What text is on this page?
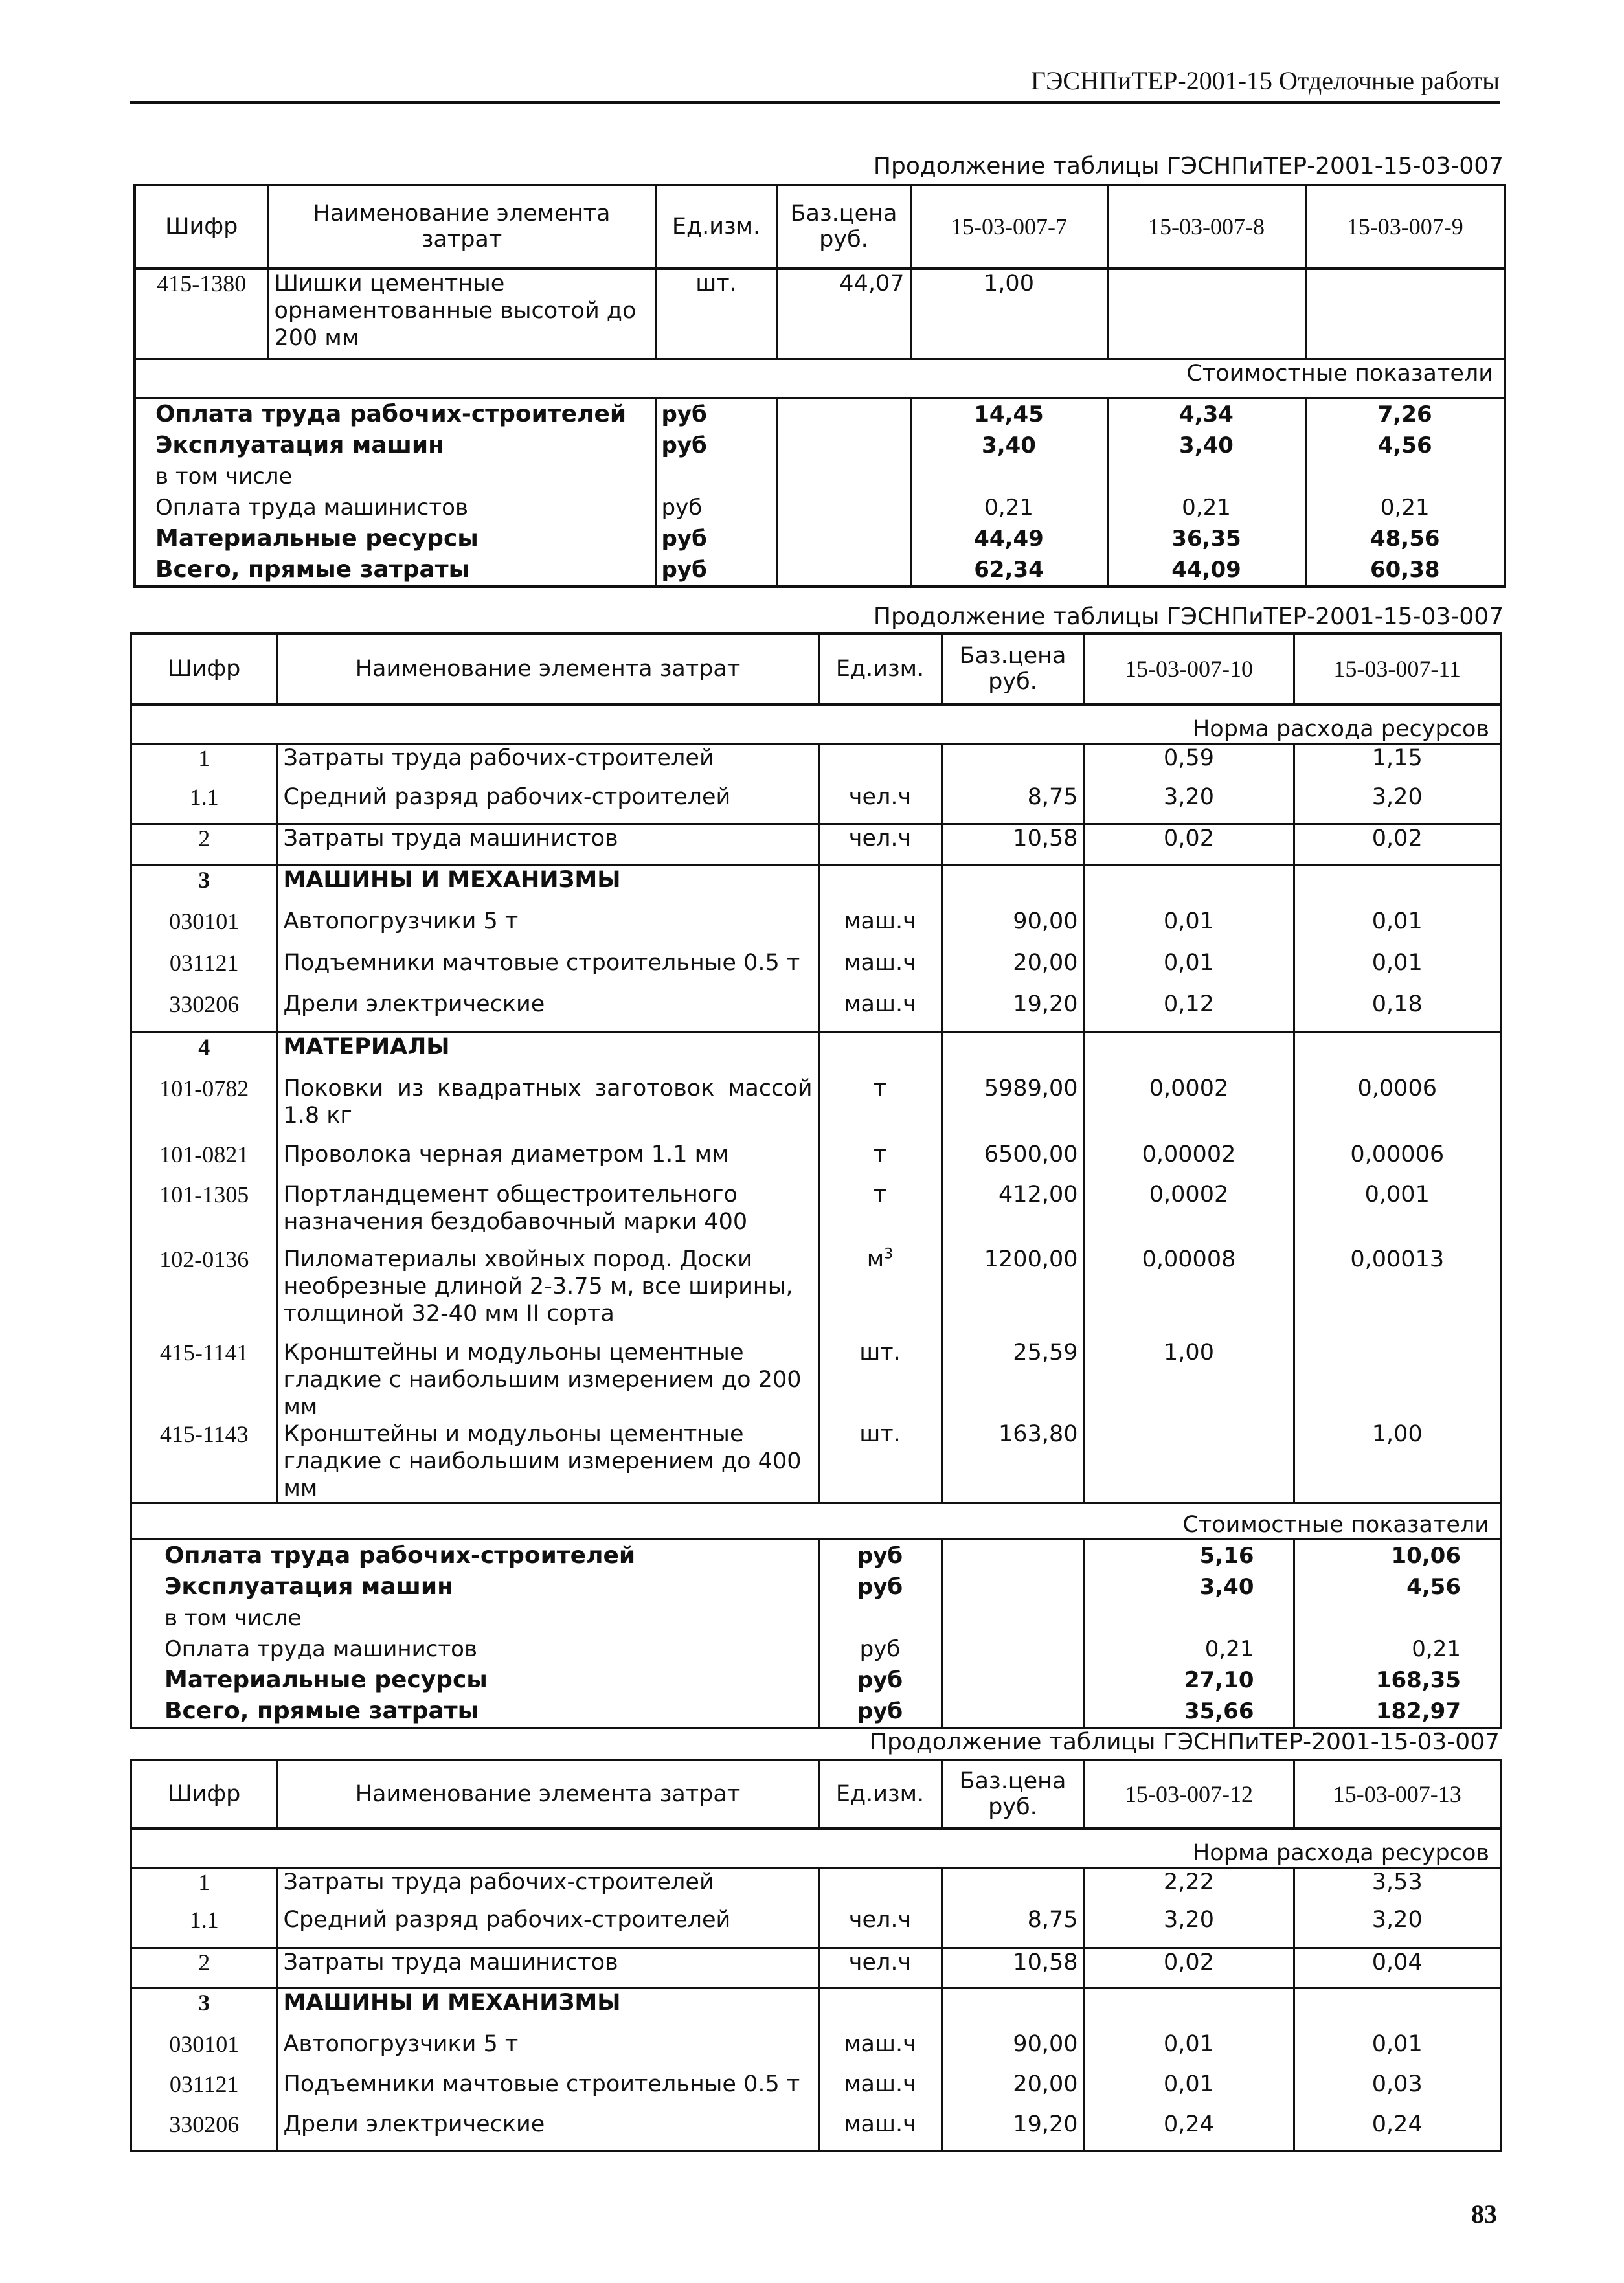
ГЭСНПиТЕР-2001-15 Отделочные работы
Продолжение таблицы ГЭСНПиТЕР-2001-15-03-007
Шифр	Наименование элемента затрат	Ед.изм.	Баз.цена руб.	15-03-007-7	15-03-007-8	15-03-007-9
415-1380	Шишки цементные орнаментованные высотой до 200 мм	шт.	44,07	1,00		
Стоимостные показатели						
Оплата труда рабочих-строителей		руб		14,45	4,34	7,26
Эксплуатация машин		руб		3,40	3,40	4,56
в том числе						
Оплата труда машинистов		руб		0,21	0,21	0,21
Материальные ресурсы		руб		44,49	36,35	48,56
Всего, прямые затраты		руб		62,34	44,09	60,38
Продолжение таблицы ГЭСНПиТЕР-2001-15-03-007
Шифр	Наименование элемента затрат	Ед.изм.	Баз.цена руб.	15-03-007-10	15-03-007-11
Норма расхода ресурсов					
1	Затраты труда рабочих-строителей			0,59	1,15
1.1	Средний разряд рабочих-строителей	чел.ч	8,75	3,20	3,20
2	Затраты труда машинистов	чел.ч	10,58	0,02	0,02
3	МАШИНЫ И МЕХАНИЗМЫ				
030101	Автопогрузчики 5 т	маш.ч	90,00	0,01	0,01
031121	Подъемники мачтовые строительные 0.5 т	маш.ч	20,00	0,01	0,01
330206	Дрели электрические	маш.ч	19,20	0,12	0,18
4	МАТЕРИАЛЫ				
101-0782	Поковки из квадратных заготовок массой 1.8 кг	т	5989,00	0,0002	0,0006
101-0821	Проволока черная диаметром 1.1 мм	т	6500,00	0,00002	0,00006
101-1305	Портландцемент общестроительного назначения бездобавочный марки 400	т	412,00	0,0002	0,001
102-0136	Пиломатериалы хвойных пород. Доски необрезные длиной 2-3.75 м, все ширины, толщиной 32-40 мм II сорта	$м^3$	1200,00	0,00008	0,00013
415-1141	Кронштейны и модульоны цементные гладкие с наибольшим измерением до 200 мм	шт.	25,59	1,00	
415-1143	Кронштейны и модульоны цементные гладкие с наибольшим измерением до 400 мм	шт.	163,80		1,00
Стоимостные показатели					
Оплата труда рабочих-строителей		руб		5,16	10,06
Эксплуатация машин		руб		3,40	4,56
в том числе					
Оплата труда машинистов		руб		0,21	0,21
Материальные ресурсы		руб		27,10	168,35
Всего, прямые затраты		руб		35,66	182,97
Продолжение таблицы ГЭСНПиТЕР-2001-15-03-007
Шифр	Наименование элемента затрат	Ед.изм.	Баз.цена руб.	15-03-007-12	15-03-007-13
Норма расхода ресурсов					
1	Затраты труда рабочих-строителей			2,22	3,53
1.1	Средний разряд рабочих-строителей	чел.ч	8,75	3,20	3,20
2	Затраты труда машинистов	чел.ч	10,58	0,02	0,04
3	МАШИНЫ И МЕХАНИЗМЫ				
030101	Автопогрузчики 5 т	маш.ч	90,00	0,01	0,01
031121	Подъемники мачтовые строительные 0.5 т	маш.ч	20,00	0,01	0,03
330206	Дрели электрические	маш.ч	19,20	0,24	0,24
83
